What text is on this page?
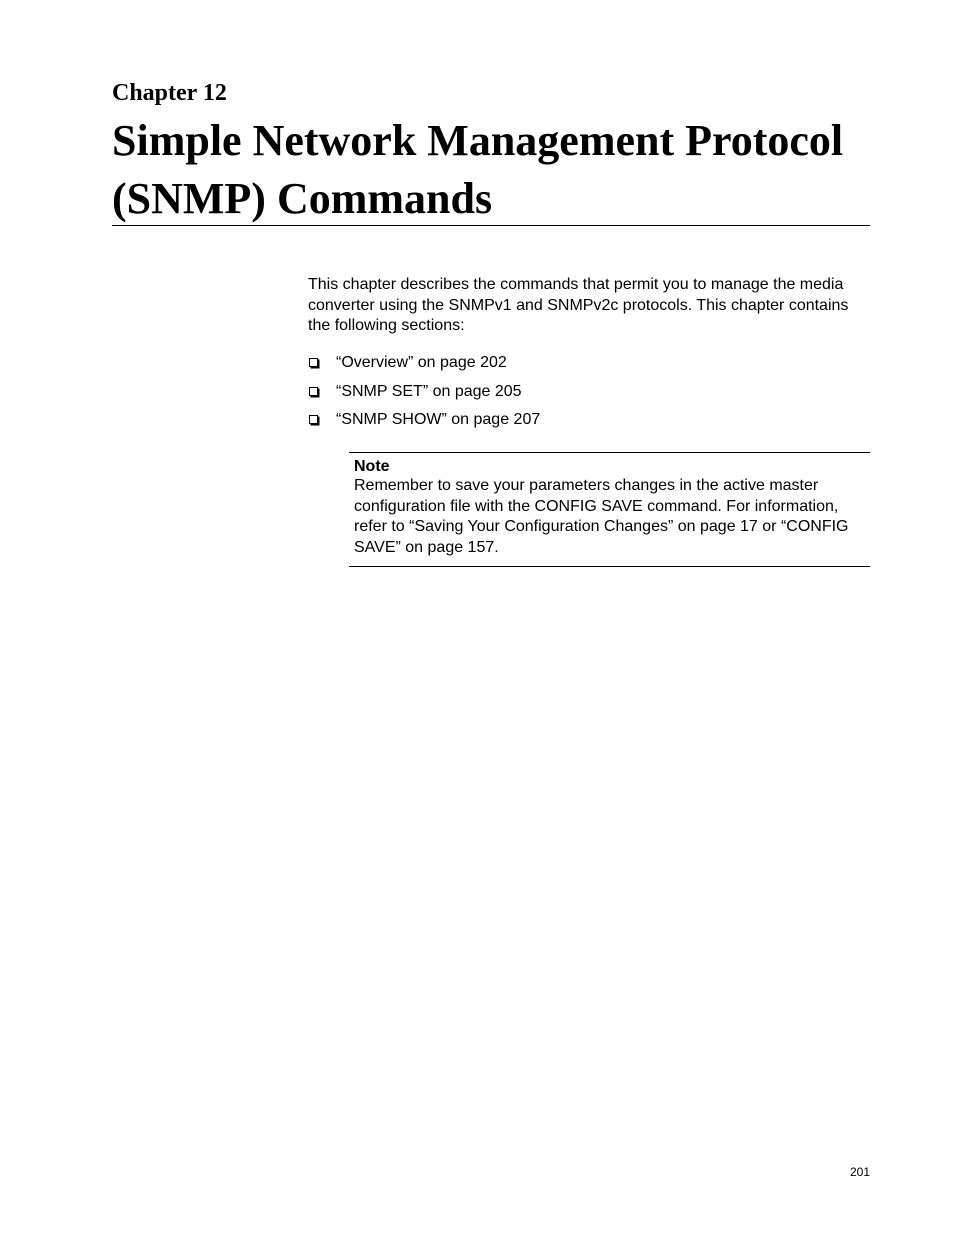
Chapter 12
Simple Network Management Protocol (SNMP) Commands

This chapter describes the commands that permit you to manage the media converter using the SNMPv1 and SNMPv2c protocols. This chapter contains the following sections:

“Overview” on page 202
“SNMP SET” on page 205
“SNMP SHOW” on page 207
Note

Remember to save your parameters changes in the active master configuration file with the CONFIG SAVE command. For information, refer to “Saving Your Configuration Changes” on page 17 or “CONFIG SAVE” on page 157.

201
